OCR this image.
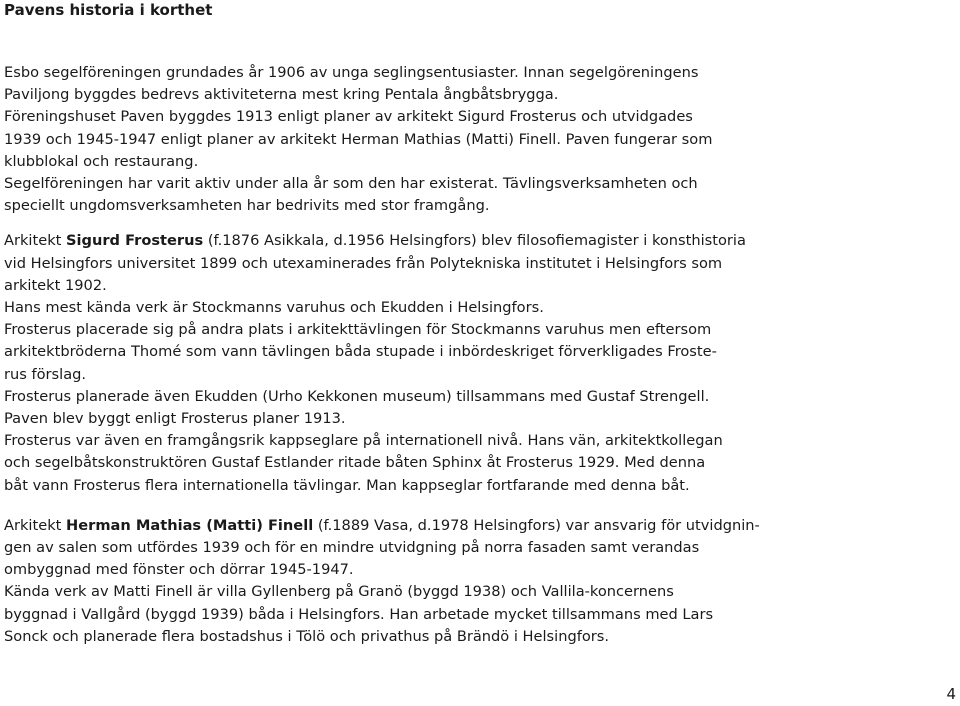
Pavens historia i korthet

Esbo segelföreningen grundades år 1906 av unga seglingsentusiaster. Innan segelgöreningens

Paviljong byggdes bedrevs aktiviteterna mest kring Pentala ångbåtsbrygga.

Föreningshuset Paven byggdes 1913 enligt planer av arkitekt Sigurd Frosterus och utvidgades

1939 och 1945-1947 enligt planer av arkitekt Herman Mathias (Matti) Finell. Paven fungerar som

klubblokal och restaurang.

Segelföreningen har varit aktiv under alla år som den har existerat. Tävlingsverksamheten och

speciellt ungdomsverksamheten har bedrivits med stor framgång.

Arkitekt Sigurd Frosterus (f.1876 Asikkala, d.1956 Helsingfors) blev filosofiemagister i konsthistoria

vid Helsingfors universitet 1899 och utexaminerades från Polytekniska institutet i Helsingfors som

arkitekt 1902.

Hans mest kända verk är Stockmanns varuhus och Ekudden i Helsingfors.

Frosterus placerade sig på andra plats i arkitekttävlingen för Stockmanns varuhus men eftersom

arkitektbröderna Thomé som vann tävlingen båda stupade i inbördeskriget förverkligades Froste-

rus förslag.

Frosterus planerade även Ekudden (Urho Kekkonen museum) tillsammans med Gustaf Strengell.

Paven blev byggt enligt Frosterus planer 1913.

Frosterus var även en framgångsrik kappseglare på internationell nivå. Hans vän, arkitektkollegan

och segelbåtskonstruktören Gustaf Estlander ritade båten Sphinx åt Frosterus 1929. Med denna

båt vann Frosterus flera internationella tävlingar. Man kappseglar fortfarande med denna båt.

Arkitekt Herman Mathias (Matti) Finell (f.1889 Vasa, d.1978 Helsingfors) var ansvarig för utvidgnin-

gen av salen som utfördes 1939 och för en mindre utvidgning på norra fasaden samt verandas

ombyggnad med fönster och dörrar 1945-1947.

Kända verk av Matti Finell är villa Gyllenberg på Granö (byggd 1938) och Vallila-koncernens

byggnad i Vallgård (byggd 1939) båda i Helsingfors. Han arbetade mycket tillsammans med Lars

Sonck och planerade flera bostadshus i Tölö och privathus på Brändö i Helsingfors.

4
